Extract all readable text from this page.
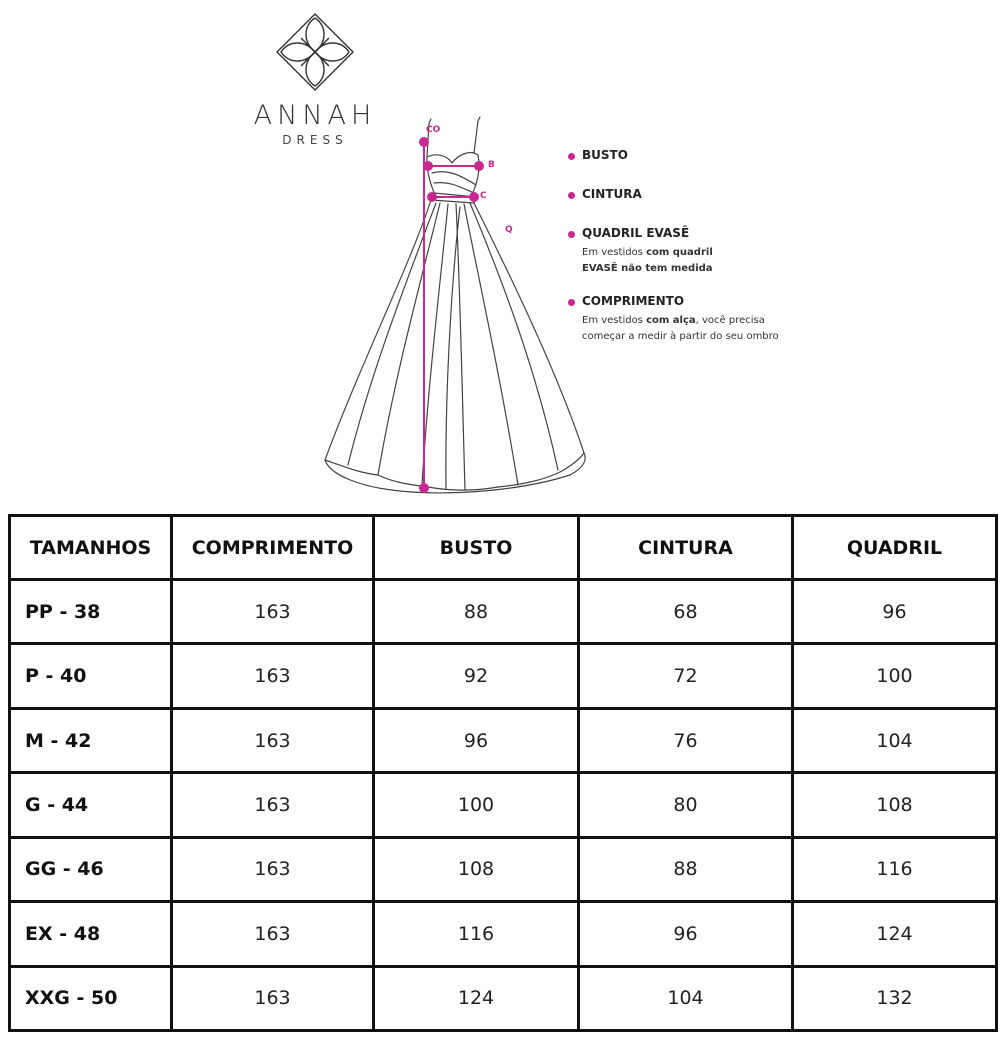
ANNAH
DRESS
CO
B
C
Q
BUSTO
CINTURA
QUADRIL EVASÊ
Em vestidos com quadril
EVASÊ não tem medida
COMPRIMENTO
Em vestidos com alça, você precisa
começar a medir à partir do seu ombro
TAMANHOS	COMPRIMENTO	BUSTO	CINTURA	QUADRIL
PP - 38	163	88	68	96
P - 40	163	92	72	100
M - 42	163	96	76	104
G - 44	163	100	80	108
GG - 46	163	108	88	116
EX - 48	163	116	96	124
XXG - 50	163	124	104	132
